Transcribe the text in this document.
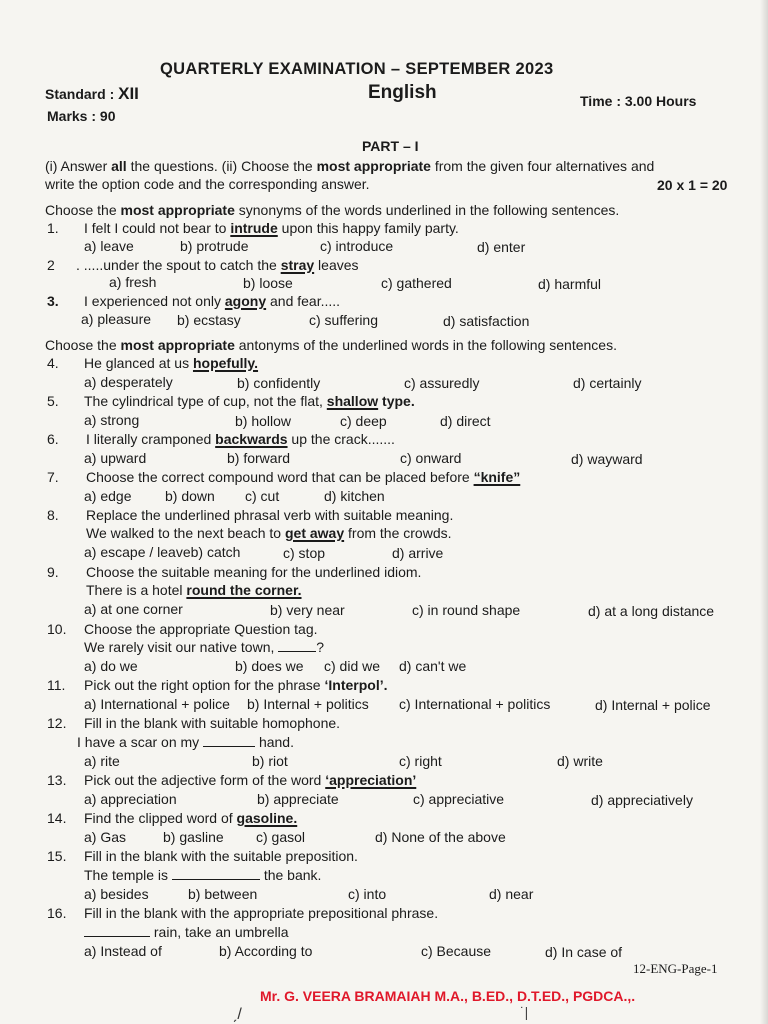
QUARTERLY EXAMINATION – SEPTEMBER 2023
Standard : XII	English	Time : 3.00 Hours
Marks : 90
PART – I
(i) Answer all the questions. (ii) Choose the most appropriate from the given four alternatives and
write the option code and the corresponding answer.	20 x 1 = 20
Choose the most appropriate synonyms of the words underlined in the following sentences.
1. I felt I could not bear to intrude upon this happy family party.
a) leave	b) protrude	c) introduce	d) enter
2 . .....under the spout to catch the stray leaves
a) fresh	b) loose	c) gathered	d) harmful
3. I experienced not only agony and fear.....
a) pleasure b) ecstasy	c) suffering	d) satisfaction
Choose the most appropriate antonyms of the underlined words in the following sentences.
4. He glanced at us hopefully.
a) desperately	b) confidently	c) assuredly	d) certainly
5. The cylindrical type of cup, not the flat, shallow type.
a) strong	b) hollow	c) deep	d) direct
6. I literally cramponed backwards up the crack.......
a) upward	b) forward	c) onward	d) wayward
7. Choose the correct compound word that can be placed before “knife”
a) edge b) down c) cut	d) kitchen
8. Replace the underlined phrasal verb with suitable meaning.
We walked to the next beach to get away from the crowds.
a) escape / leaveb) catch	c) stop	d) arrive
9. Choose the suitable meaning for the underlined idiom.
There is a hotel round the corner.
a) at one corner	b) very near	c) in round shape	d) at a long distance
10. Choose the appropriate Question tag.
We rarely visit our native town,	?
a) do we	b) does we c) did we d) can't we
11. Pick out the right option for the phrase ‘Interpol’.
a) International + police b) Internal + politics c) International + politics	d) Internal + police
12. Fill in the blank with suitable homophone.
I have a scar on my	hand.
a) rite	b) riot	c) right	d) write
13. Pick out the adjective form of the word ‘appreciation’
a) appreciation	b) appreciate	c) appreciative	d) appreciatively
14. Find the clipped word of gasoline.
a) Gas	b) gasline c) gasol	d) None of the above
15. Fill in the blank with the suitable preposition.
The temple is	the bank.
a) besides	b) between	c) into	d) near
16. Fill in the blank with the appropriate prepositional phrase.
rain, take an umbrella
a) Instead of	b) According to	c) Because	d) In case of
12-ENG-Page-1
Mr. G. VEERA BRAMAIAH M.A., B.ED., D.T.ED., PGDCA.,.
ˏ/	˙|
